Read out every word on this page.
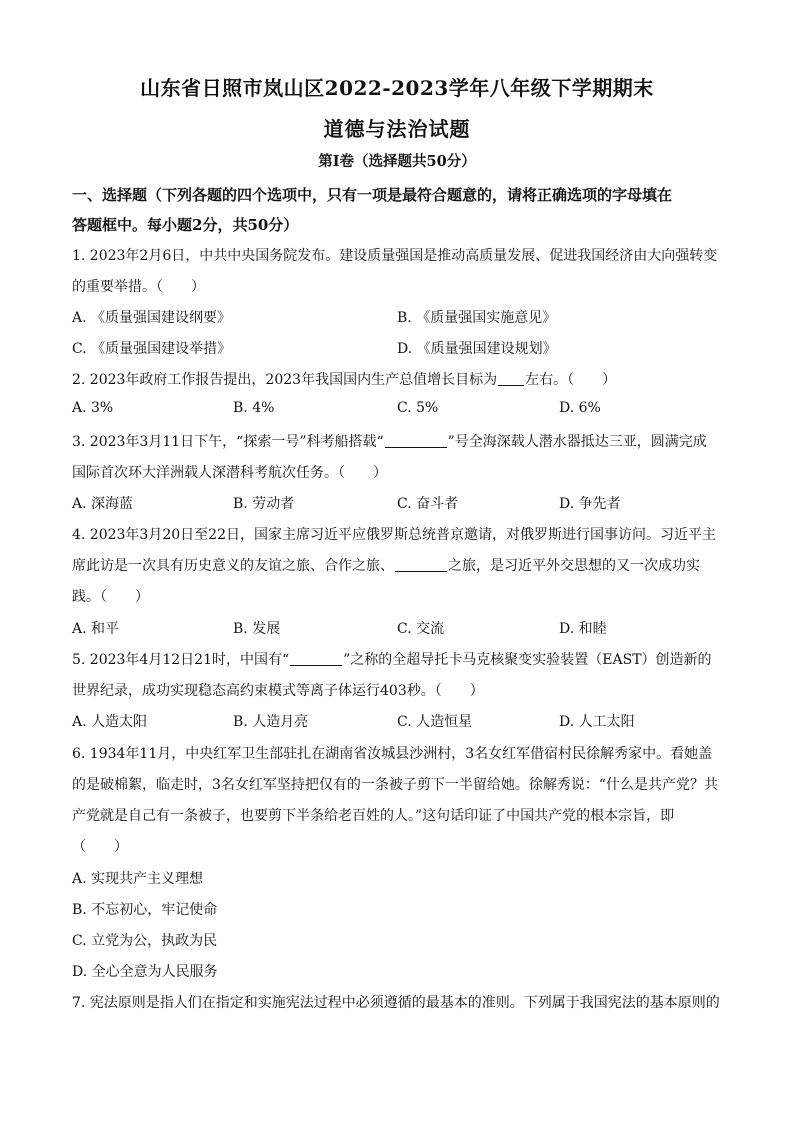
山东省日照市岚山区2022-2023学年八年级下学期期末
道德与法治试题
第Ⅰ卷（选择题共50分）
一、选择题（下列各题的四个选项中，只有一项是最符合题意的，请将正确选项的字母填在
答题框中。每小题2分，共50分）
1. 2023年2月6日，中共中央国务院发布。建设质量强国是推动高质量发展、促进我国经济由大向强转变
的重要举措。（　　）
A. 《质量强国建设纲要》	B. 《质量强国实施意见》
C. 《质量强国建设举措》	D. 《质量强国建设规划》
2. 2023年政府工作报告提出，2023年我国国内生产总值增长目标为 左右。（　　）
A. 3%	B. 4%	C. 5%	D. 6%
3. 2023年3月11日下午，“探索一号”科考船搭载“	”号全海深载人潜水器抵达三亚，圆满完成
国际首次环大洋洲载人深潜科考航次任务。（　　）
A. 深海蓝	B. 劳动者	C. 奋斗者	D. 争先者
4. 2023年3月20日至22日，国家主席习近平应俄罗斯总统普京邀请，对俄罗斯进行国事访问。习近平主
席此访是一次具有历史意义的友谊之旅、合作之旅、	之旅，是习近平外交思想的又一次成功实
践。（　　）
A. 和平	B. 发展	C. 交流	D. 和睦
5. 2023年4月12日21时，中国有“	”之称的全超导托卡马克核聚变实验装置（EAST）创造新的
世界纪录，成功实现稳态高约束模式等离子体运行403秒。（　　）
A. 人造太阳	B. 人造月亮	C. 人造恒星	D. 人工太阳
6. 1934年11月，中央红军卫生部驻扎在湖南省汝城县沙洲村，3名女红军借宿村民徐解秀家中。看她盖
的是破棉絮，临走时，3名女红军坚持把仅有的一条被子剪下一半留给她。徐解秀说：“什么是共产党？共
产党就是自己有一条被子，也要剪下半条给老百姓的人。”这句话印证了中国共产党的根本宗旨，即
（　　）
A. 实现共产主义理想
B. 不忘初心，牢记使命
C. 立党为公，执政为民
D. 全心全意为人民服务
7. 宪法原则是指人们在指定和实施宪法过程中必须遵循的最基本的准则。下列属于我国宪法的基本原则的
